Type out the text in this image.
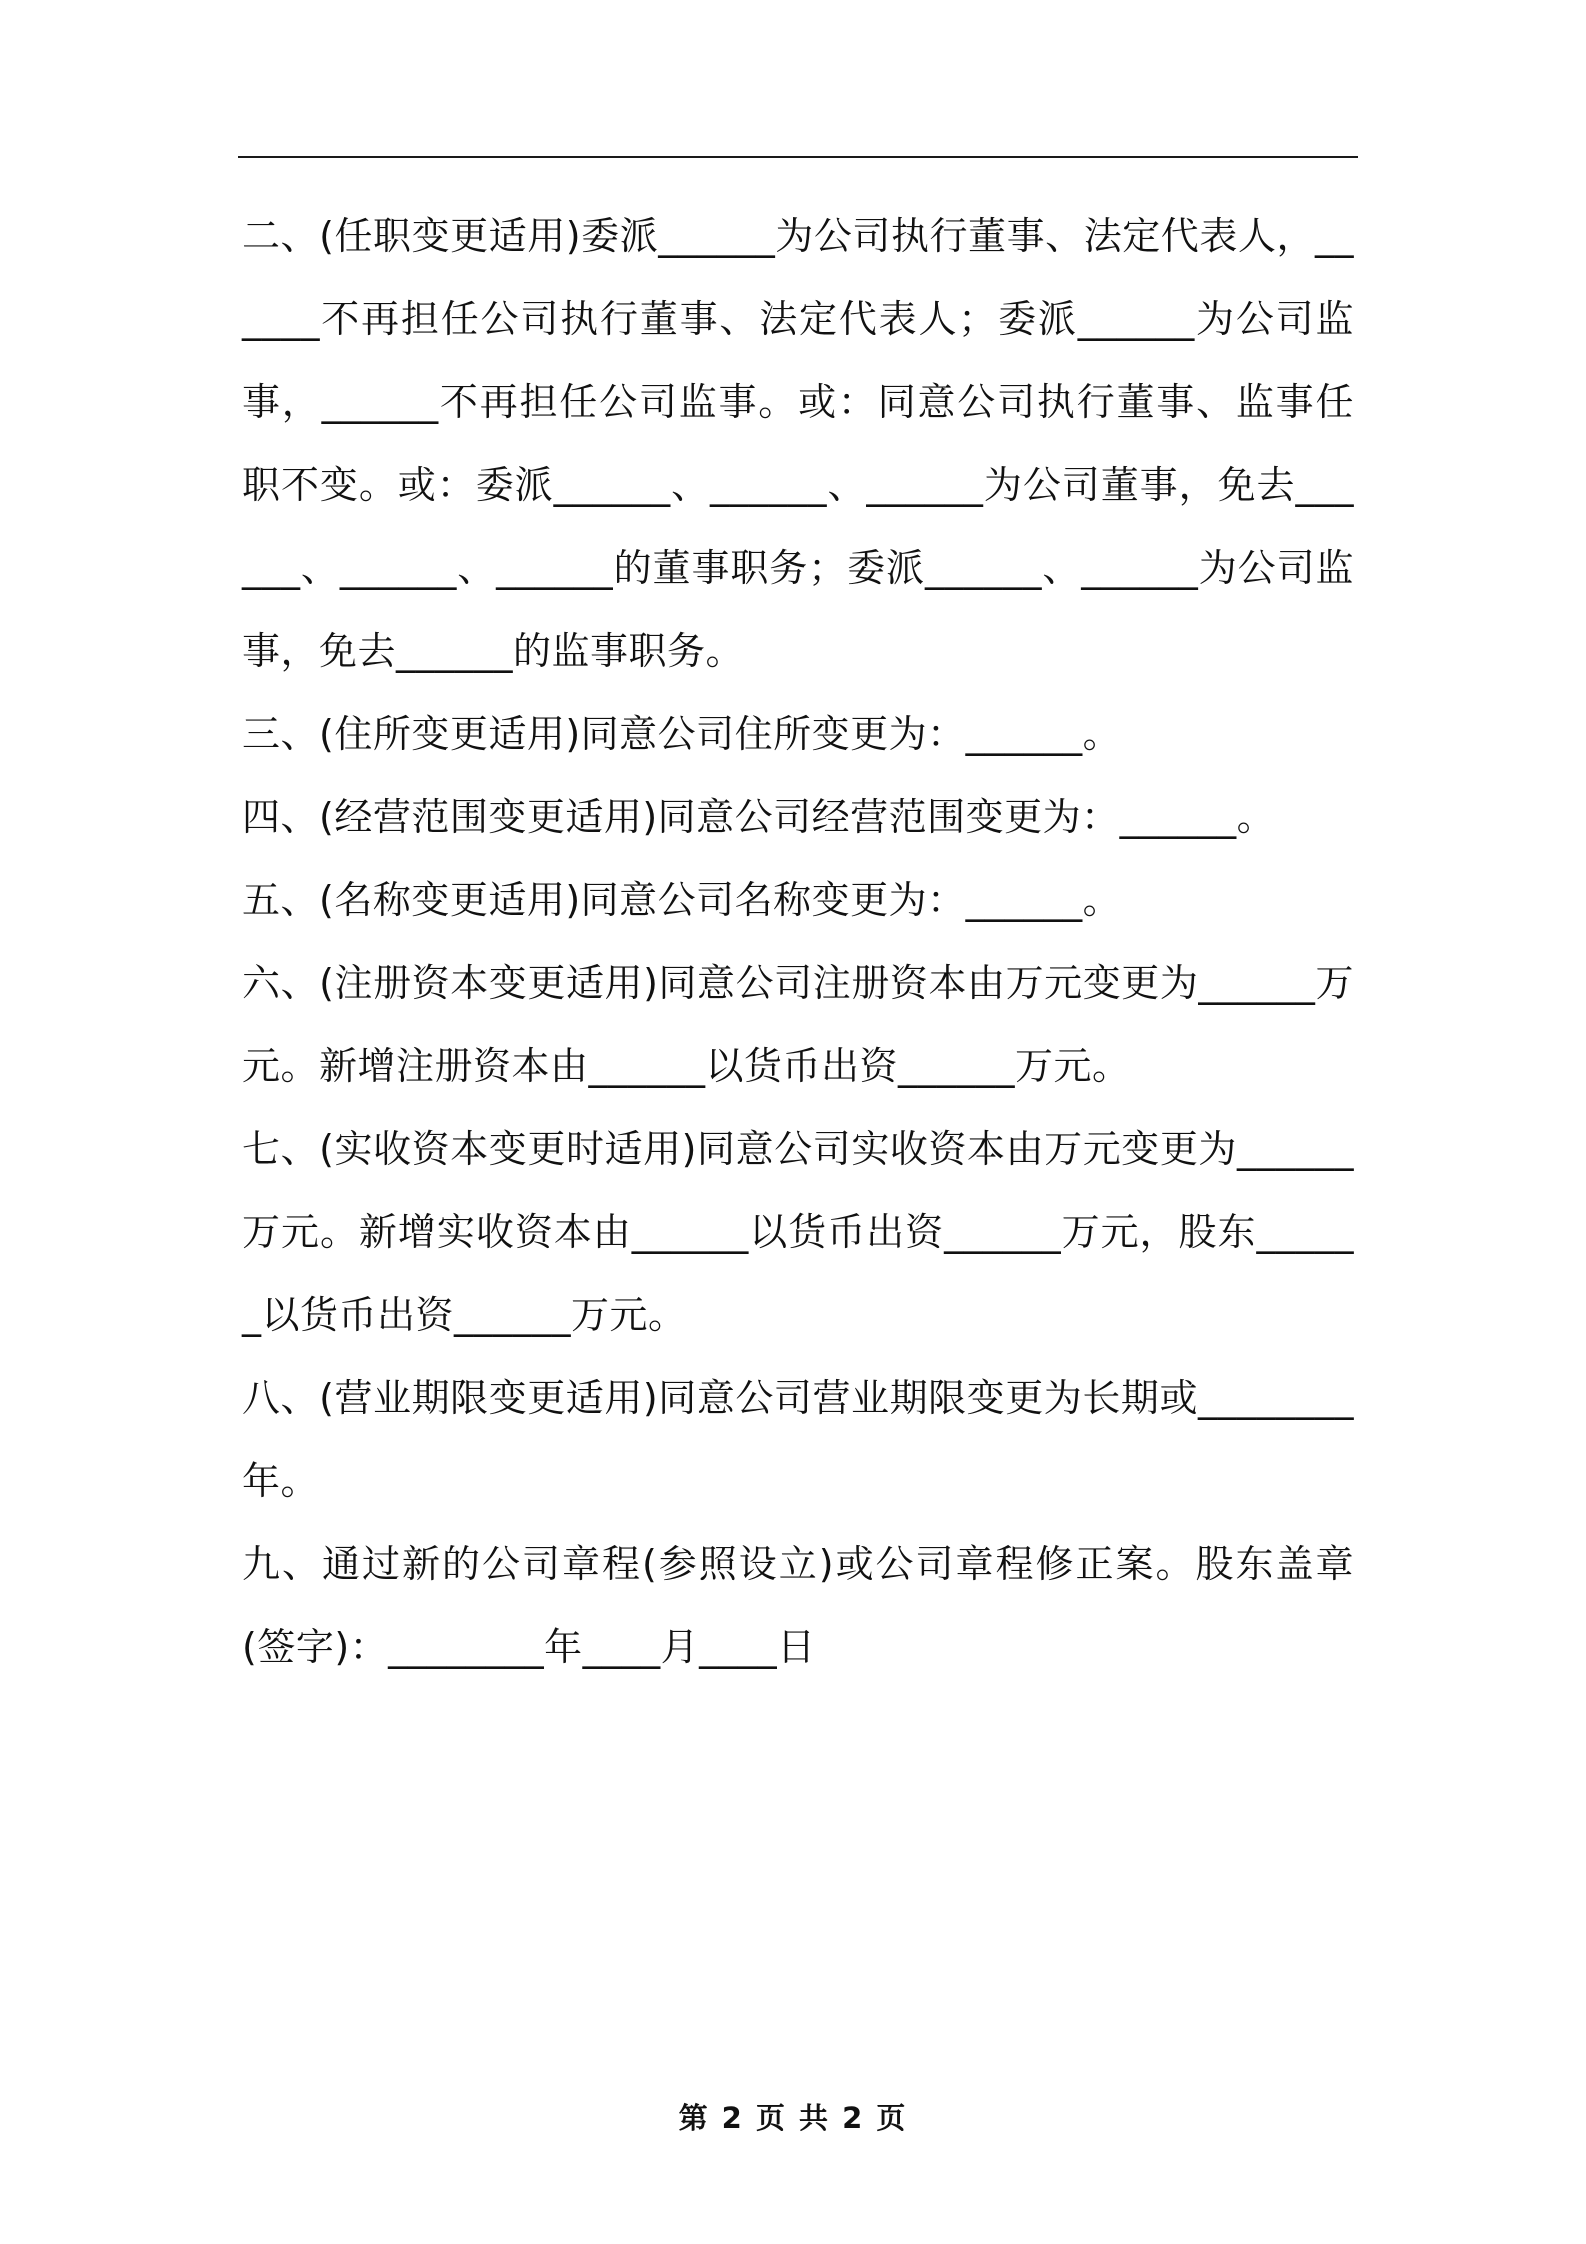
二、(任职变更适用)委派______为公司执行董事、法定代表人，______不再担任公司执行董事、法定代表人；委派______为公司监事，______不再担任公司监事。或：同意公司执行董事、监事任职不变。或：委派______、______、______为公司董事，免去______、______、______的董事职务；委派______、______为公司监事，免去______的监事职务。

三、(住所变更适用)同意公司住所变更为：______。

四、(经营范围变更适用)同意公司经营范围变更为：______。

五、(名称变更适用)同意公司名称变更为：______。

六、(注册资本变更适用)同意公司注册资本由万元变更为______万元。新增注册资本由______以货币出资______万元。

七、(实收资本变更时适用)同意公司实收资本由万元变更为______万元。新增实收资本由______以货币出资______万元，股东______以货币出资______万元。

八、(营业期限变更适用)同意公司营业期限变更为长期或________年。

九、通过新的公司章程(参照设立)或公司章程修正案。股东盖章(签字)：________年____月____日

第 2 页 共 2 页
